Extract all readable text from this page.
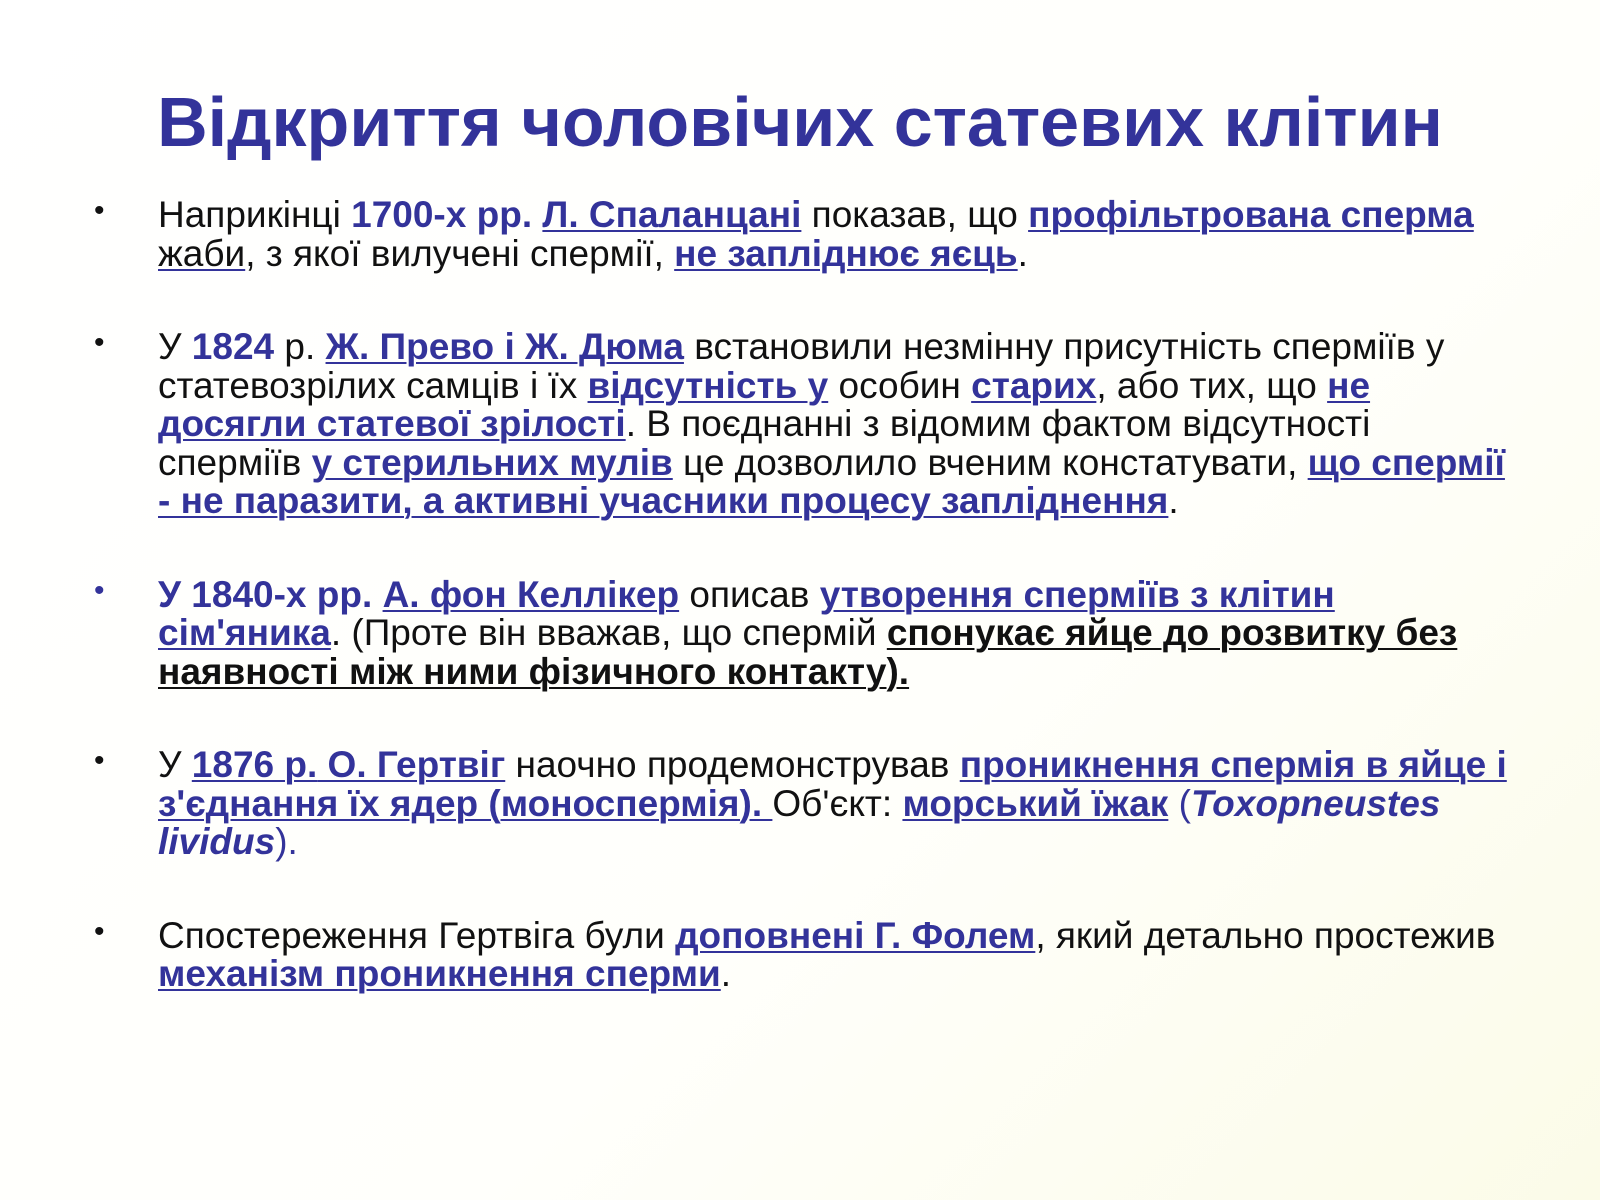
Відкриття чоловічих статевих клітин
• Наприкінці 1700-х рр. Л. Спаланцані показав, що профільтрована сперма жаби, з якої вилучені спермії, не запліднює яєць.
• У 1824 р. Ж. Прево і Ж. Дюма встановили незмінну присутність сперміїв у статевозрілих самців і їх відсутність у особин старих, або тих, що не досягли статевої зрілості. В поєднанні з відомим фактом відсутності сперміїв у стерильних мулів це дозволило вченим констатувати, що спермії - не паразити, а активні учасники процесу запліднення.
• У 1840-х рр. А. фон Келлікер описав утворення сперміїв з клітин сім'яника. (Проте він вважав, що спермій спонукає яйце до розвитку без наявності між ними фізичного контакту).
• У 1876 р. О. Гертвіг наочно продемонстрував проникнення спермія в яйце і з'єднання їх ядер (моноспермія). Об'єкт: морський їжак (Toxopneustes lividus).
• Спостереження Гертвіга були доповнені Г. Фолем, який детально простежив механізм проникнення сперми.
